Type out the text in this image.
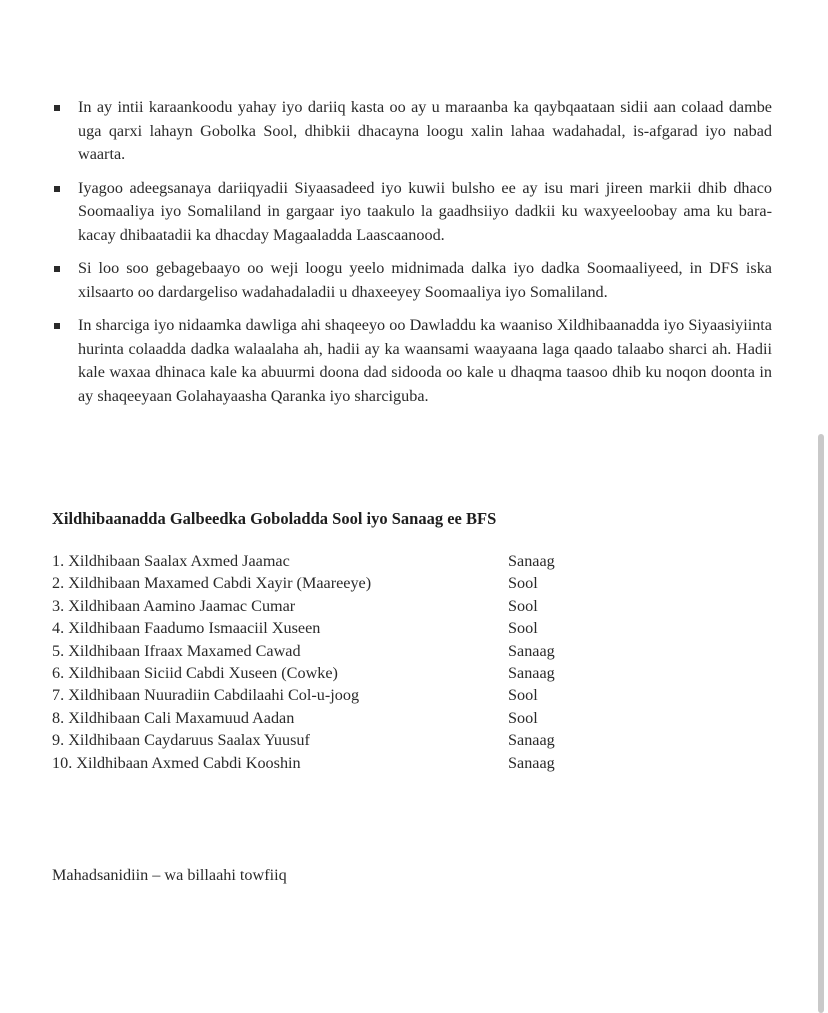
In ay intii karaankoodu yahay iyo dariiq kasta oo ay u maraanba ka qaybqaataan sidii aan colaad dambe uga qarxi lahayn Gobolka Sool, dhibkii dhacayna loogu xalin lahaa wadahadal, is-afgarad iyo nabad waarta.
Iyagoo adeegsanaya dariiqyadii Siyaasadeed iyo kuwii bulsho ee ay isu mari jireen markii dhib dhaco Soomaaliya iyo Somaliland in gargaar iyo taakulo la gaadhsiiyo dadkii ku waxyeeloobay ama ku bara-kacay dhibaatadii ka dhacday Magaaladda Laascaanood.
Si loo soo gebagebaayo oo weji loogu yeelo midnimada dalka iyo dadka Soomaaliyeed, in DFS iska xilsaarto oo dardargeliso wadahadaladii u dhaxeeyey Soomaaliya iyo Somaliland.
In sharciga iyo nidaamka dawliga ahi shaqeeyo oo Dawladdu ka waaniso Xildhibaanadda iyo Siyaasiyiinta hurinta colaadda dadka walaalaha ah, hadii ay ka waansami waayaana laga qaado talaabo sharci ah. Hadii kale waxaa dhinaca kale ka abuurmi doona dad sidooda oo kale u dhaqma taasoo dhib ku noqon doonta in ay shaqeeyaan Golahayaasha Qaranka iyo sharciguba.
Xildhibaanadda Galbeedka Goboladda Sool iyo Sanaag ee BFS
1. Xildhibaan Saalax Axmed Jaamac	Sanaag
2. Xildhibaan Maxamed Cabdi Xayir (Maareeye)	Sool
3. Xildhibaan Aamino Jaamac Cumar	Sool
4. Xildhibaan Faadumo Ismaaciil Xuseen	Sool
5. Xildhibaan Ifraax Maxamed Cawad	Sanaag
6. Xildhibaan Siciid Cabdi Xuseen (Cowke)	Sanaag
7. Xildhibaan Nuuradiin Cabdilaahi Col-u-joog	Sool
8. Xildhibaan Cali Maxamuud Aadan	Sool
9. Xildhibaan Caydaruus Saalax Yuusuf	Sanaag
10. Xildhibaan Axmed Cabdi Kooshin	Sanaag

Mahadsanidiin – wa billaahi towfiiq
